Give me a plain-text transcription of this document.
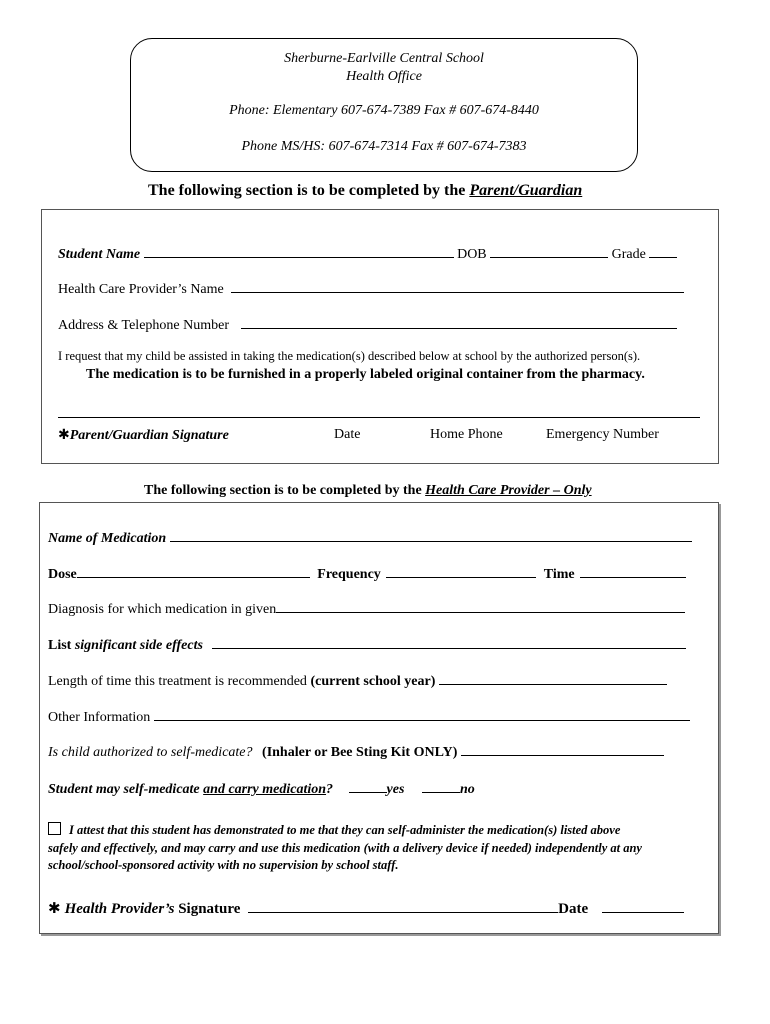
Sherburne-Earlville Central School
Health Office
Phone: Elementary 607-674-7389 Fax # 607-674-8440
Phone MS/HS: 607-674-7314 Fax # 607-674-7383
The following section is to be completed by the Parent/Guardian
Student Name	DOB	Grade
Health Care Provider’s Name
Address & Telephone Number
I request that my child be assisted in taking the medication(s) described below at school by the authorized person(s).
The medication is to be furnished in a properly labeled original container from the pharmacy.
✱Parent/Guardian Signature	Date	Home Phone	Emergency Number
The following section is to be completed by the Health Care Provider – Only
Name of Medication
Dose	Frequency	Time
Diagnosis for which medication in given
List significant side effects
Length of time this treatment is recommended (current school year)
Other Information
Is child authorized to self-medicate? (Inhaler or Bee Sting Kit ONLY)
Student may self-medicate and carry medication?	yes	no
I attest that this student has demonstrated to me that they can self-administer the medication(s) listed above
safely and effectively, and may carry and use this medication (with a delivery device if needed) independently at any
school/school-sponsored activity with no supervision by school staff.
✱ Health Provider’s Signature	Date
